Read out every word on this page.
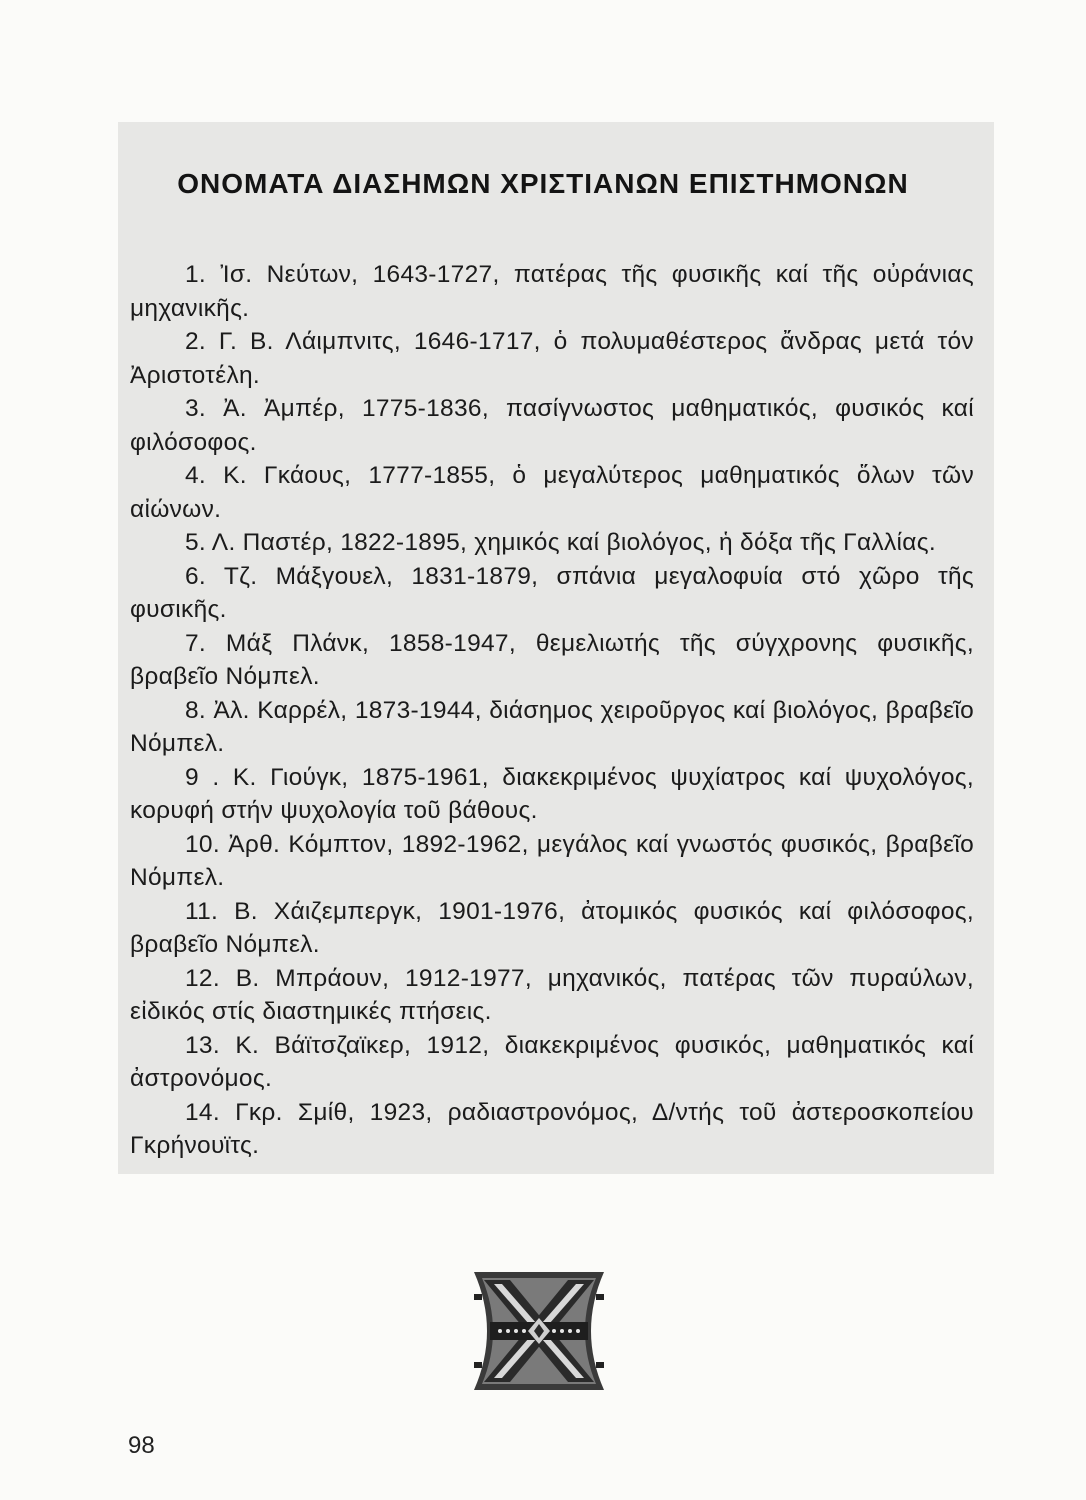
ΟΝΟΜΑΤΑ ΔΙΑΣΗΜΩΝ ΧΡΙΣΤΙΑΝΩΝ ΕΠΙΣΤΗΜΟΝΩΝ

1. Ἰσ. Νεύτων, 1643-1727, πατέρας τῆς φυσικῆς καί τῆς οὐράνιας μηχανικῆς.

2. Γ. Β. Λάιμπνιτς, 1646-1717, ὁ πολυμαθέστερος ἄνδρας μετά τόν Ἀριστοτέλη.

3. Ἀ. Ἀμπέρ, 1775-1836, πασίγνωστος μαθηματικός, φυσικός καί φιλόσοφος.

4. Κ. Γκάους, 1777-1855, ὁ μεγαλύτερος μαθηματικός ὅλων τῶν αἰώνων.

5. Λ. Παστέρ, 1822-1895, χημικός καί βιολόγος, ἡ δόξα τῆς Γαλλίας.

6. Τζ. Μάξγουελ, 1831-1879, σπάνια μεγαλοφυία στό χῶρο τῆς φυσικῆς.

7. Μάξ Πλάνκ, 1858-1947, θεμελιωτής τῆς σύγχρονης φυσικῆς, βραβεῖο Νόμπελ.

8. Ἀλ. Καρρέλ, 1873-1944, διάσημος χειροῦργος καί βιολόγος, βραβεῖο Νόμπελ.

9 . Κ. Γιούγκ, 1875-1961, διακεκριμένος ψυχίατρος καί ψυχολόγος, κορυφή στήν ψυχολογία τοῦ βάθους.

10. Ἀρθ. Κόμπτον, 1892-1962, μεγάλος καί γνωστός φυσικός, βραβεῖο Νόμπελ.

11. Β. Χάιζεμπεργκ, 1901-1976, ἀτομικός φυσικός καί φιλόσοφος, βραβεῖο Νόμπελ.

12. Β. Μπράουν, 1912-1977, μηχανικός, πατέρας τῶν πυραύλων, εἰδικός στίς διαστημικές πτήσεις.

13. Κ. Βάϊτσζαϊκερ, 1912, διακεκριμένος φυσικός, μαθηματικός καί ἀστρονόμος.

14. Γκρ. Σμίθ, 1923, ραδιαστρονόμος, Δ/ντής τοῦ ἀστεροσκοπείου Γκρήνουϊτς.

98
